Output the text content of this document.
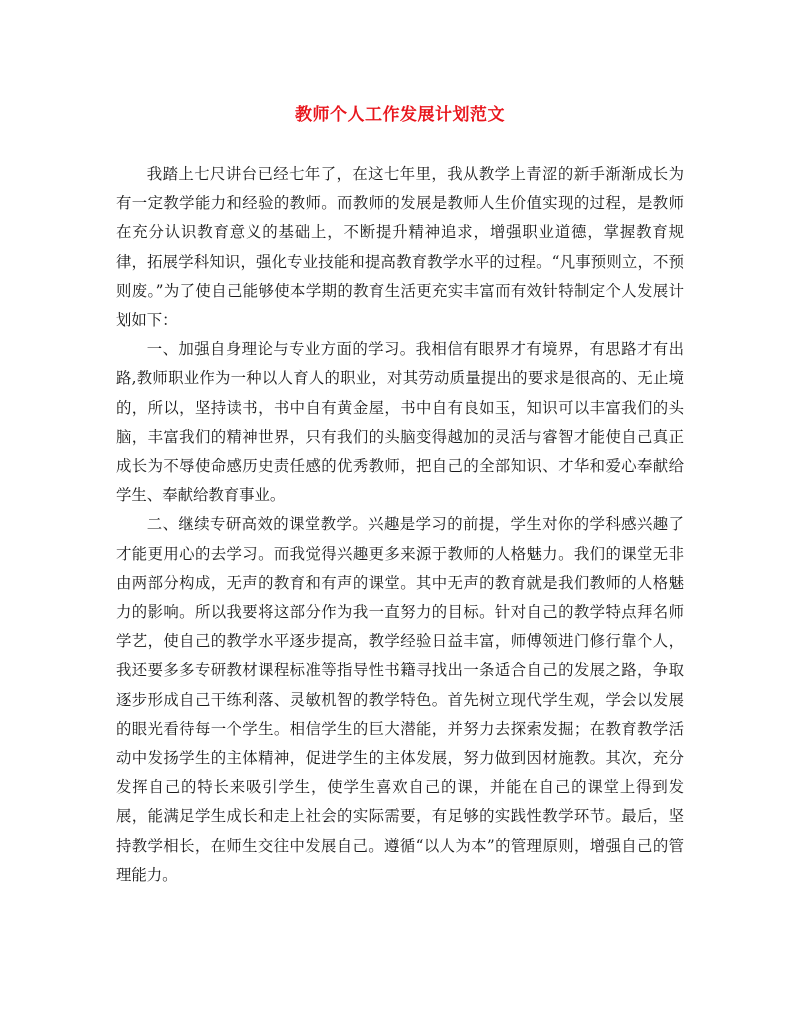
教师个人工作发展计划范文

我踏上七尺讲台已经七年了，在这七年里，我从教学上青涩的新手渐渐成长为有一定教学能力和经验的教师。而教师的发展是教师人生价值实现的过程，是教师在充分认识教育意义的基础上，不断提升精神追求，增强职业道德，掌握教育规律，拓展学科知识，强化专业技能和提高教育教学水平的过程。“凡事预则立，不预则废。”为了使自己能够使本学期的教育生活更充实丰富而有效针特制定个人发展计划如下：

一、加强自身理论与专业方面的学习。我相信有眼界才有境界，有思路才有出路,教师职业作为一种以人育人的职业，对其劳动质量提出的要求是很高的、无止境的，所以，坚持读书，书中自有黄金屋，书中自有良如玉，知识可以丰富我们的头脑，丰富我们的精神世界，只有我们的头脑变得越加的灵活与睿智才能使自己真正成长为不辱使命感历史责任感的优秀教师，把自己的全部知识、才华和爱心奉献给学生、奉献给教育事业。

二、继续专研高效的课堂教学。兴趣是学习的前提，学生对你的学科感兴趣了才能更用心的去学习。而我觉得兴趣更多来源于教师的人格魅力。我们的课堂无非由两部分构成，无声的教育和有声的课堂。其中无声的教育就是我们教师的人格魅力的影响。所以我要将这部分作为我一直努力的目标。针对自己的教学特点拜名师学艺，使自己的教学水平逐步提高，教学经验日益丰富，师傅领进门修行靠个人，我还要多多专研教材课程标准等指导性书籍寻找出一条适合自己的发展之路，争取逐步形成自己干练利落、灵敏机智的教学特色。首先树立现代学生观，学会以发展的眼光看待每一个学生。相信学生的巨大潜能，并努力去探索发掘；在教育教学活动中发扬学生的主体精神，促进学生的主体发展，努力做到因材施教。其次，充分发挥自己的特长来吸引学生，使学生喜欢自己的课，并能在自己的课堂上得到发展，能满足学生成长和走上社会的实际需要，有足够的实践性教学环节。最后，坚持教学相长，在师生交往中发展自己。遵循“以人为本”的管理原则，增强自己的管理能力。
